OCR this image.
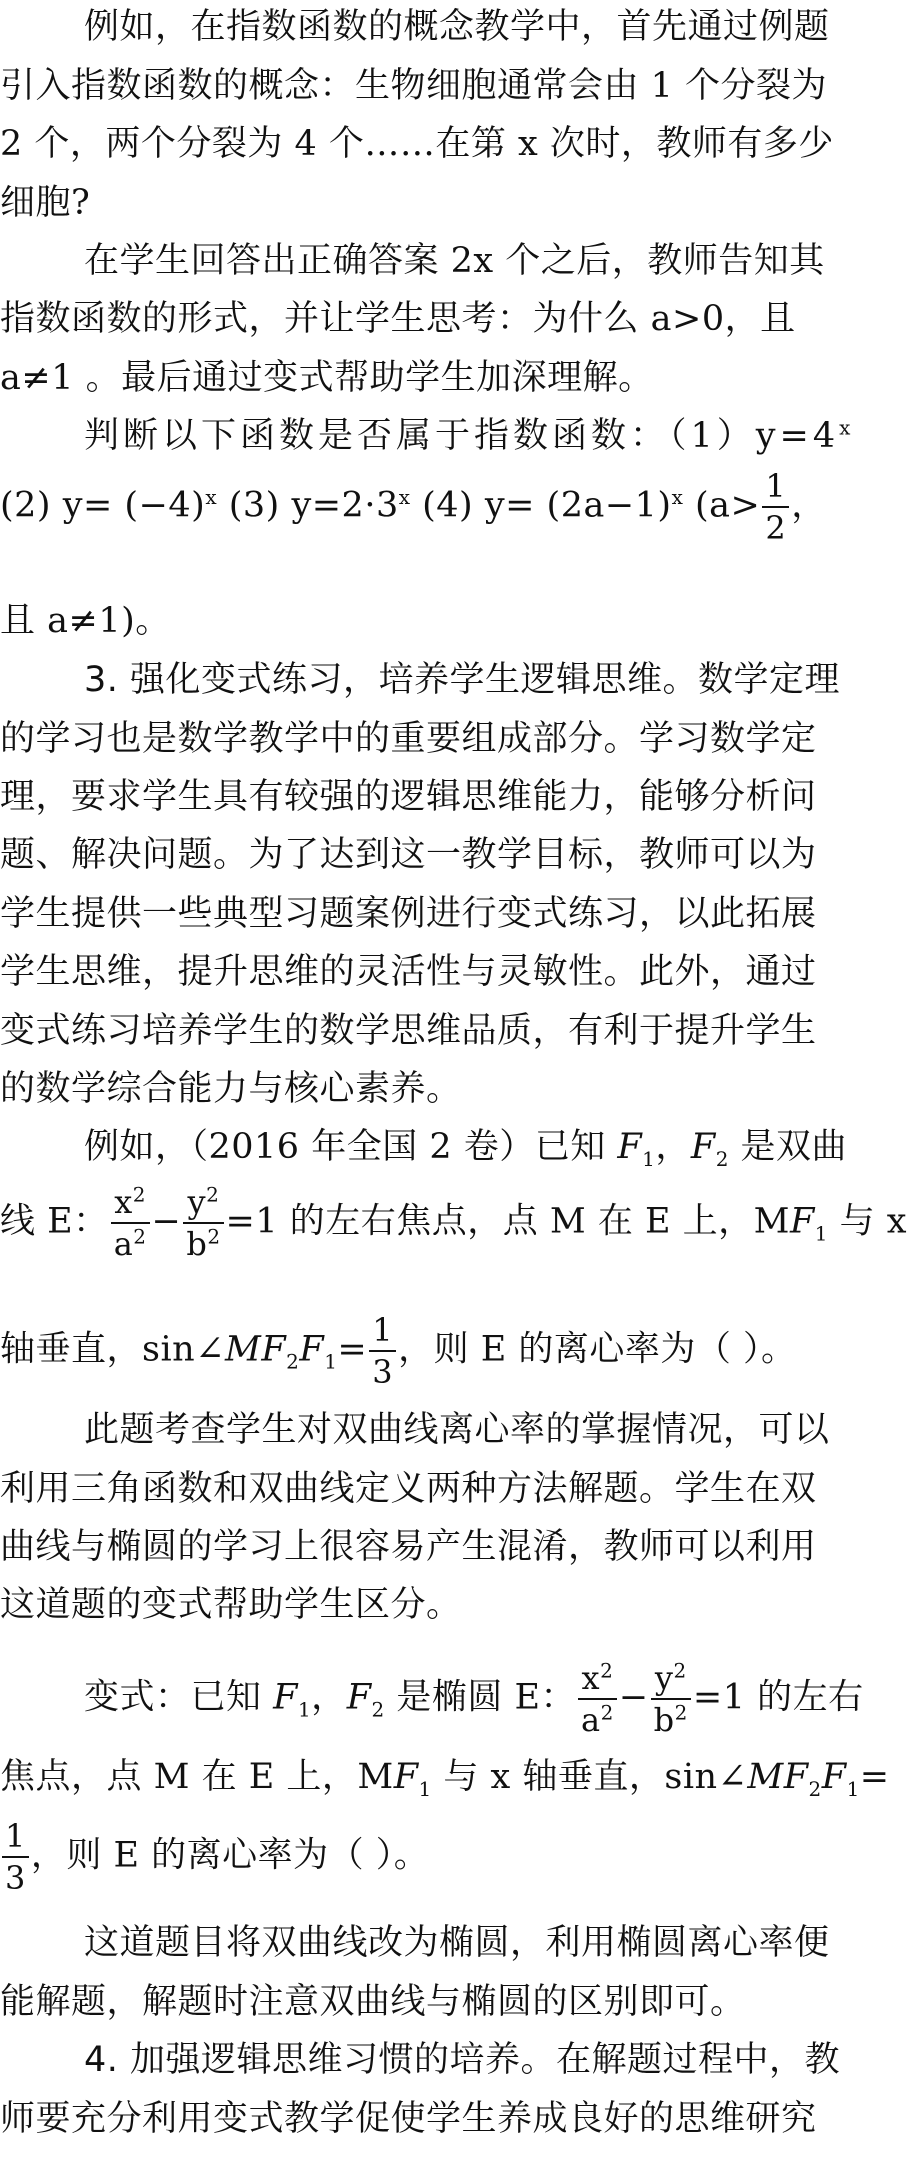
例如，在指数函数的概念教学中，首先通过例题
引入指数函数的概念：生物细胞通常会由 1 个分裂为
2 个，两个分裂为 4 个……在第 x 次时，教师有多少
细胞?
在学生回答出正确答案 2x 个之后，教师告知其
指数函数的形式，并让学生思考：为什么 a>0，且
a≠1 。最后通过变式帮助学生加深理解。
判断以下函数是否属于指数函数：$(1)y=4^x$
(2) $y= (-4)^x$ (3) $y=2\cdot 3^x$ (4) $y= (2a-1)^x$ ($a> \frac{1}{2}$ ，
且 a≠1)。
3. 强化变式练习，培养学生逻辑思维。数学定理
的学习也是数学教学中的重要组成部分。学习数学定
理，要求学生具有较强的逻辑思维能力，能够分析问
题、解决问题。为了达到这一教学目标，教师可以为
学生提供一些典型习题案例进行变式练习，以此拓展
学生思维，提升思维的灵活性与灵敏性。此外，通过
变式练习培养学生的数学思维品质，有利于提升学生
的数学综合能力与核心素养。
例如，（2016 年全国 2 卷）已知 $F_1$，$F_2$ 是双曲
线 E： $\frac{x^2}{a^2} - \frac{y^2}{b^2} =1$ 的左右焦点，点 M 在 E 上，$MF_1$ 与 x
轴垂直，$\sin\angle MF_2F_1= \frac{1}{3}$ ，则 E 的离心率为（ ）。
此题考查学生对双曲线离心率的掌握情况，可以
利用三角函数和双曲线定义两种方法解题。学生在双
曲线与椭圆的学习上很容易产生混淆，教师可以利用
这道题的变式帮助学生区分。
变式：已知 $F_1$，$F_2$ 是椭圆 E： $\frac{x^2}{a^2} - \frac{y^2}{b^2} =1$ 的左右
焦点，点 M 在 E 上，$MF_1$ 与 x 轴垂直，$\sin\angle MF_2F_1=$
$\frac{1}{3}$ ，则 E 的离心率为（ ）。
这道题目将双曲线改为椭圆，利用椭圆离心率便
能解题，解题时注意双曲线与椭圆的区别即可。
4. 加强逻辑思维习惯的培养。在解题过程中，教
师要充分利用变式教学促使学生养成良好的思维研究
